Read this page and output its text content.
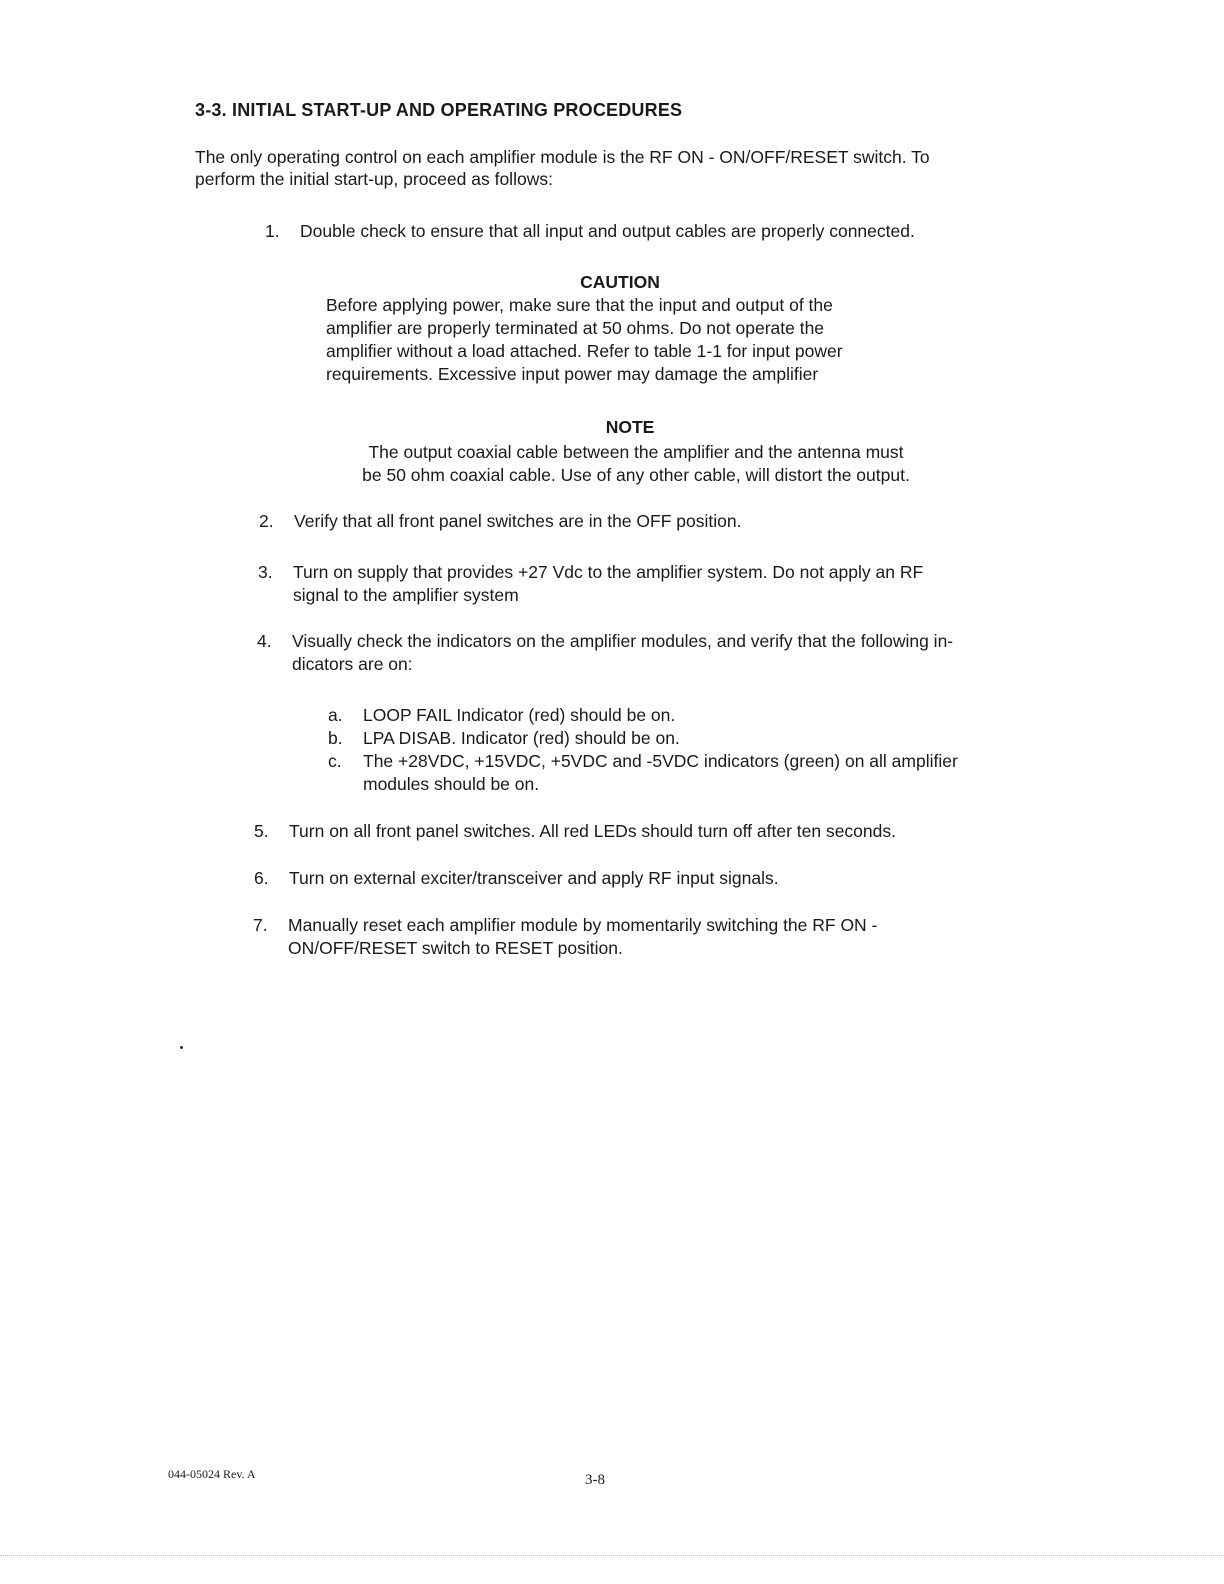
3-3. INITIAL START-UP AND OPERATING PROCEDURES
The only operating control on each amplifier module is the RF ON - ON/OFF/RESET switch. To
perform the initial start-up, proceed as follows:
1. Double check to ensure that all input and output cables are properly connected.
CAUTION
Before applying power, make sure that the input and output of the
amplifier are properly terminated at 50 ohms. Do not operate the
amplifier without a load attached. Refer to table 1-1 for input power
requirements. Excessive input power may damage the amplifier
NOTE
The output coaxial cable between the amplifier and the antenna must
be 50 ohm coaxial cable. Use of any other cable, will distort the output.
2. Verify that all front panel switches are in the OFF position.
3. Turn on supply that provides +27 Vdc to the amplifier system. Do not apply an RF
signal to the amplifier system
4. Visually check the indicators on the amplifier modules, and verify that the following in-
dicators are on:
a. LOOP FAIL Indicator (red) should be on.
b. LPA DISAB. Indicator (red) should be on.
c. The +28VDC, +15VDC, +5VDC and -5VDC indicators (green) on all amplifier
modules should be on.
5. Turn on all front panel switches. All red LEDs should turn off after ten seconds.
6. Turn on external exciter/transceiver and apply RF input signals.
7. Manually reset each amplifier module by momentarily switching the RF ON -
ON/OFF/RESET switch to RESET position.
044-05024 Rev. A	3-8
